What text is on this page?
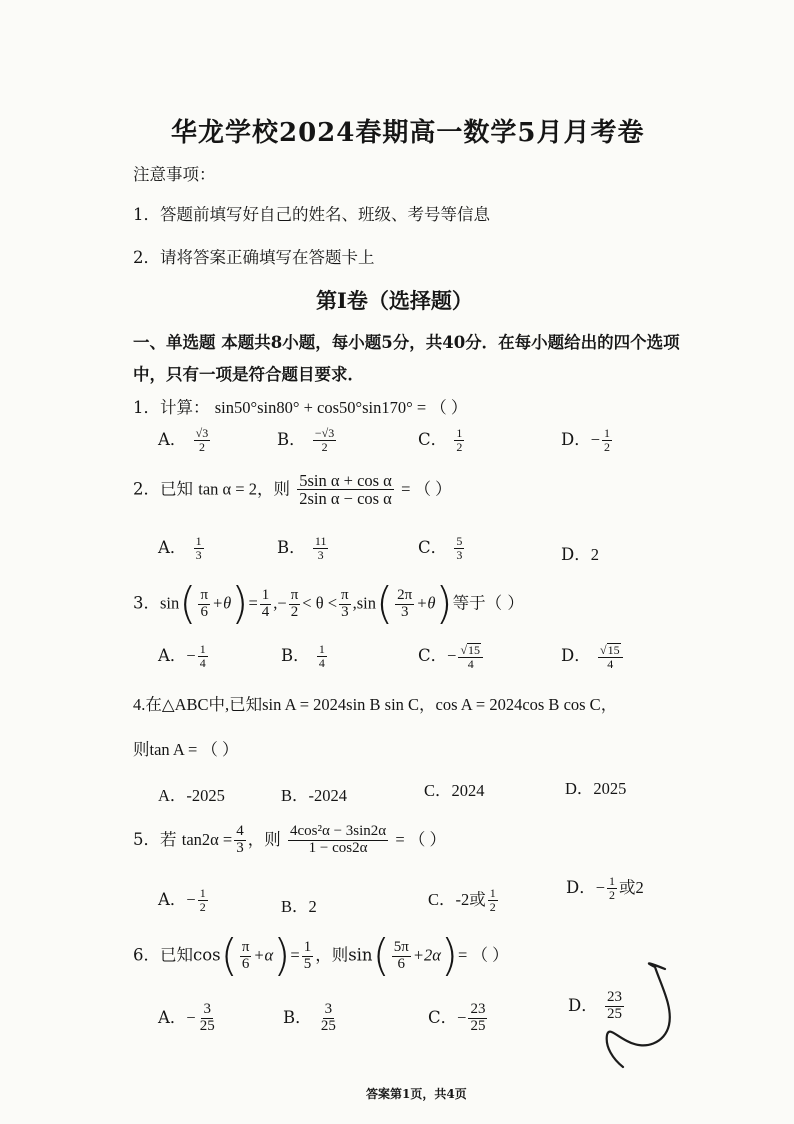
华龙学校2024春期高一数学5月月考卷
注意事项：
1．答题前填写好自己的姓名、班级、考号等信息
2．请将答案正确填写在答题卡上
第Ⅰ卷（选择题）
一、单选题 本题共8小题，每小题5分，共40分．在每小题给出的四个选项
中，只有一项是符合题目要求．
1．计算： sin50°sin80° + cos50°sin170° = （ ）
A． $\frac{√3}{2}$	B． $\frac{-√3}{2}$	C． $\frac{1}{2}$	D．− $\frac{1}{2}$
2．已知 tan α = 2，则 $\frac{\text{5sin α + cos α}}{\text{2sin α − cos α}}$ = （ ）
A． $\frac{1}{3}$	B． $\frac{11}{3}$	C． $\frac{5}{3}$	D．2
3．$\sin( \frac{\pi}{6} +\theta)= \frac{1}{4}$ ,− $\frac{\pi}{2} < \theta < \frac{\pi}{3} ,\sin( \frac{2\pi}{3} +\theta)$等于（ ）
A．− $\frac{1}{4}$	B． $\frac{1}{4}$	C．− $\frac{√15}{4}$	D． $\frac{√15}{4}$
4.在△ABC中,已知sin A = 2024sin B sin C，cos A = 2024cos B cos C，
则tan A = （ ）
A．-2025	B．-2024	C．2024	D．2025
5．若 $\tan 2\alpha = \frac{4}{3}$ ，则 $\frac{\text{4cos²α − 3sin2α}}{1 - \cos 2\alpha}$ = （ ）
A．− $\frac{1}{2}$	B．2	C．-2或 $\frac{1}{2}$	D．− $\frac{1}{2}$ 或2
6．已知$\cos( \frac{\pi}{6} +\alpha)= \frac{1}{5}$ ，则$\sin( \frac{5\pi}{6} +2\alpha)=$ （ ）
A．− $\frac{3}{25}$	B． $\frac{3}{25}$	C．− $\frac{23}{25}$	D． $\frac{23}{25}$
答案第1页，共4页
